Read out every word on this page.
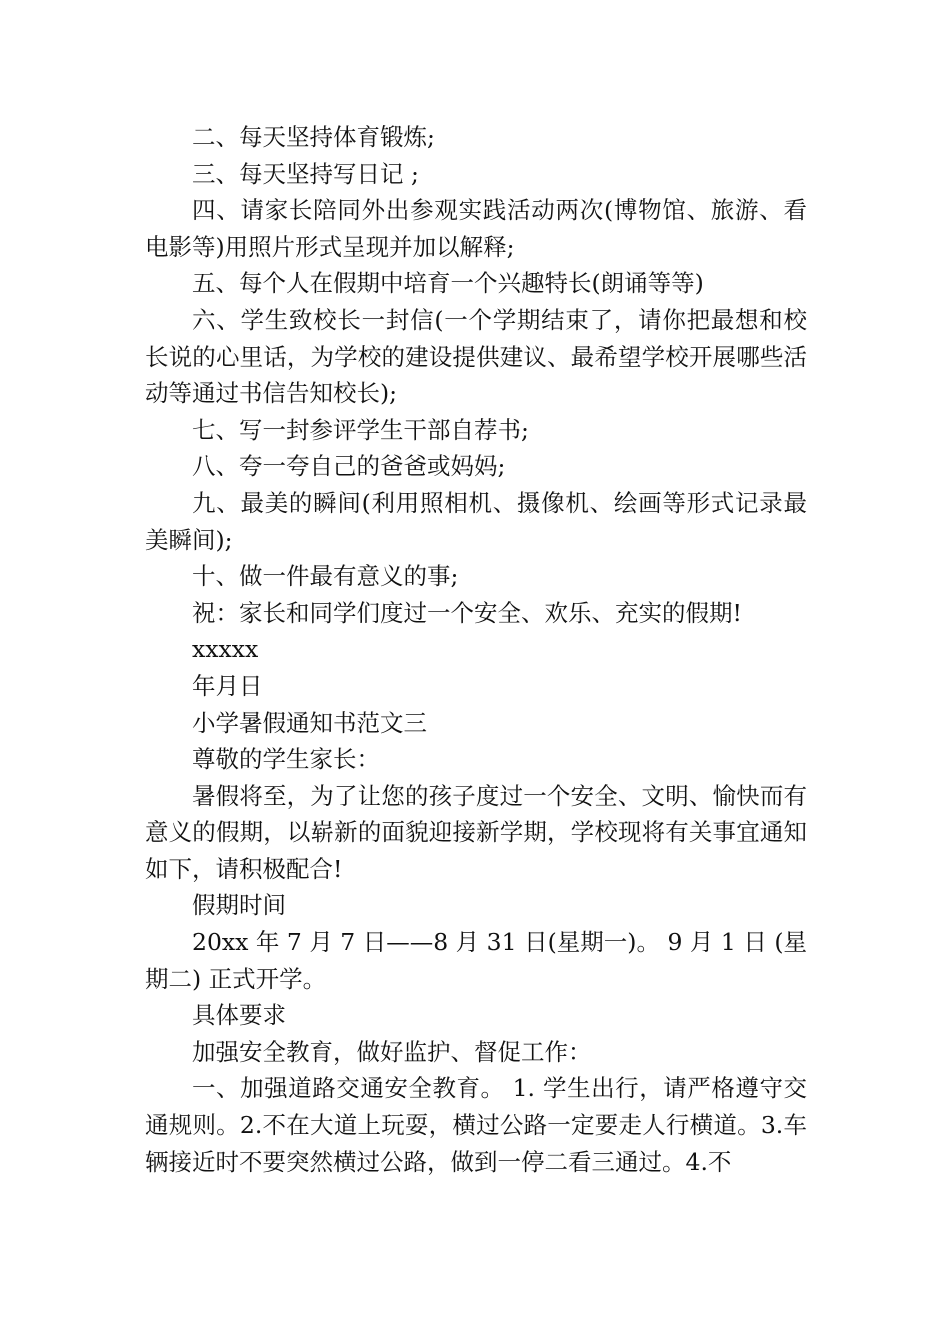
二、每天坚持体育锻炼;

三、每天坚持写日记 ;

四、请家长陪同外出参观实践活动两次(博物馆、旅游、看电影等)用照片形式呈现并加以解释;

五、每个人在假期中培育一个兴趣特长(朗诵等等)

六、学生致校长一封信(一个学期结束了，请你把最想和校长说的心里话，为学校的建设提供建议、最希望学校开展哪些活动等通过书信告知校长);

七、写一封参评学生干部自荐书;

八、夸一夸自己的爸爸或妈妈;

九、最美的瞬间(利用照相机、摄像机、绘画等形式记录最美瞬间);

十、做一件最有意义的事;

祝：家长和同学们度过一个安全、欢乐、充实的假期!

xxxxx

年月日

小学暑假通知书范文三

尊敬的学生家长：

暑假将至，为了让您的孩子度过一个安全、文明、愉快而有意义的假期，以崭新的面貌迎接新学期，学校现将有关事宜通知如下，请积极配合!

假期时间

20xx 年 7 月 7 日——8 月 31 日(星期一)。 9 月 1 日 (星期二) 正式开学。

具体要求

加强安全教育，做好监护、督促工作：

一、加强道路交通安全教育。 1. 学生出行，请严格遵守交通规则。2.不在大道上玩耍，横过公路一定要走人行横道。3.车辆接近时不要突然横过公路，做到一停二看三通过。4.不
